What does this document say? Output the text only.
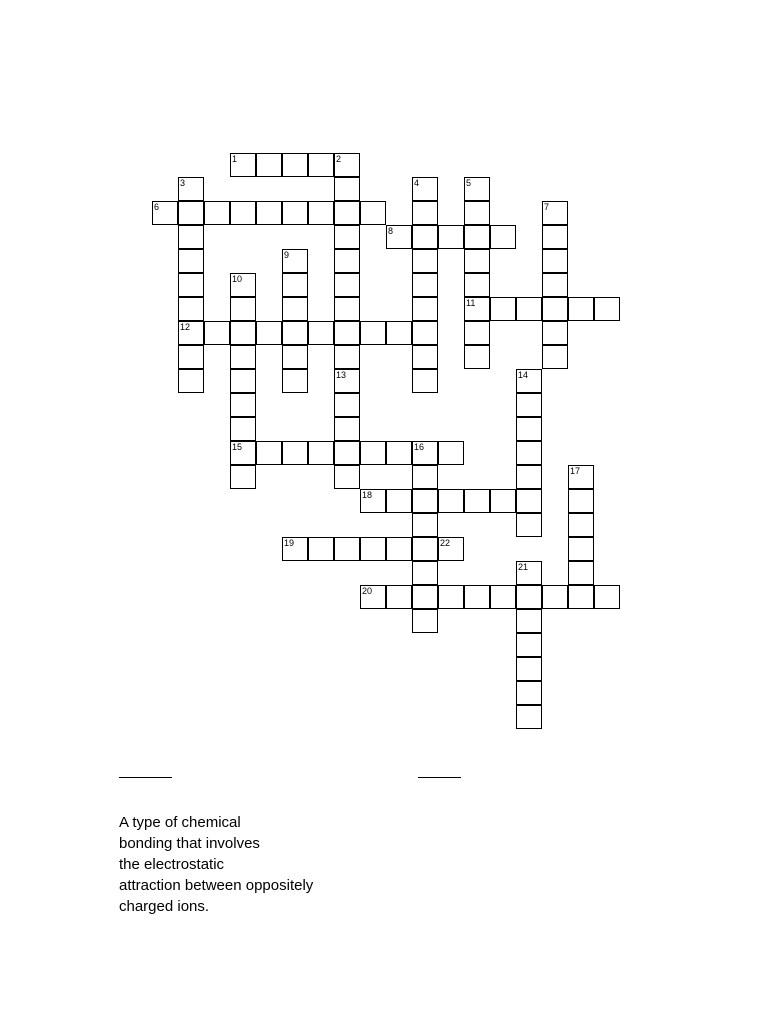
1	2
3
12
4	5
11
6	7
8
9
10
15
13	14
16
17
18
19	22
20
21
A type of chemical
bonding that involves
the electrostatic
attraction between oppositely
charged ions.
